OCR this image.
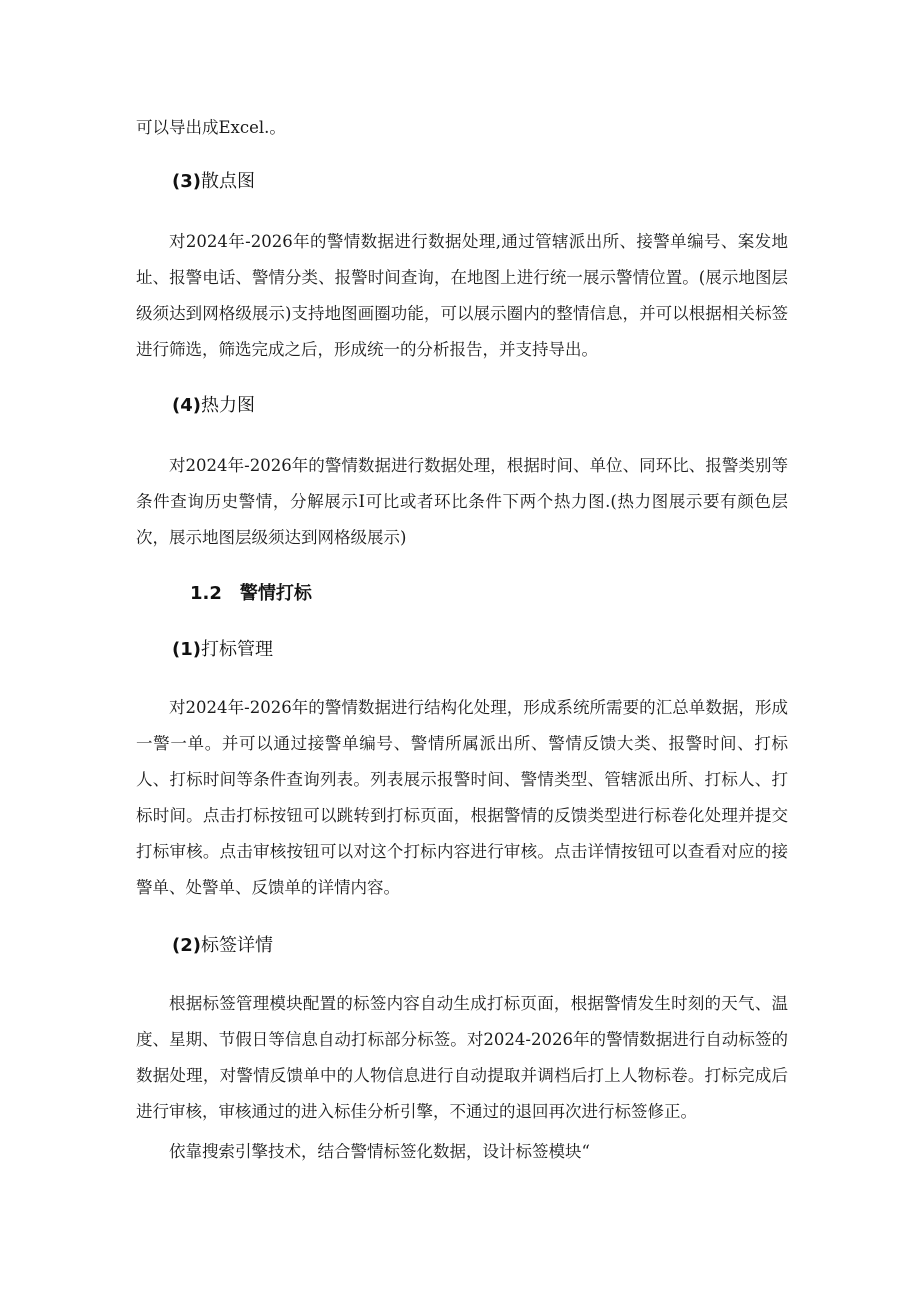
可以导出成Excel.。

(3)散点图

对2024年-2026年的警情数据进行数据处理,通过管辖派出所、接警单编号、案发地址、报警电话、警情分类、报警时间查询，在地图上进行统一展示警情位置。(展示地图层级须达到网格级展示)支持地图画圈功能，可以展示圈内的整情信息，并可以根据相关标签进行筛选，筛选完成之后，形成统一的分析报告，并支持导出。

(4)热力图

对2024年-2026年的警情数据进行数据处理，根据时间、单位、同环比、报警类别等条件查询历史警情，分解展示I可比或者环比条件下两个热力图.(热力图展示要有颜色层次，展示地图层级须达到网格级展示)

1.2 警情打标
(1)打标管理

对2024年-2026年的警情数据进行结构化处理，形成系统所需要的汇总单数据，形成一警一单。并可以通过接警单编号、警情所属派出所、警情反馈大类、报警时间、打标人、打标时间等条件查询列表。列表展示报警时间、警情类型、管辖派出所、打标人、打标时间。点击打标按钮可以跳转到打标页面，根据警情的反馈类型进行标卷化处理并提交打标审核。点击审核按钮可以对这个打标内容进行审核。点击详情按钮可以查看对应的接警单、处警单、反馈单的详情内容。

(2)标签详情

根据标签管理模块配置的标签内容自动生成打标页面，根据警情发生时刻的天气、温度、星期、节假日等信息自动打标部分标签。对2024-2026年的警情数据进行自动标签的数据处理，对警情反馈单中的人物信息进行自动提取并调档后打上人物标卷。打标完成后进行审核，审核通过的进入标佳分析引擎，不通过的退回再次进行标签修正。

依靠搜索引擎技术，结合警情标签化数据，设计标签模块“
